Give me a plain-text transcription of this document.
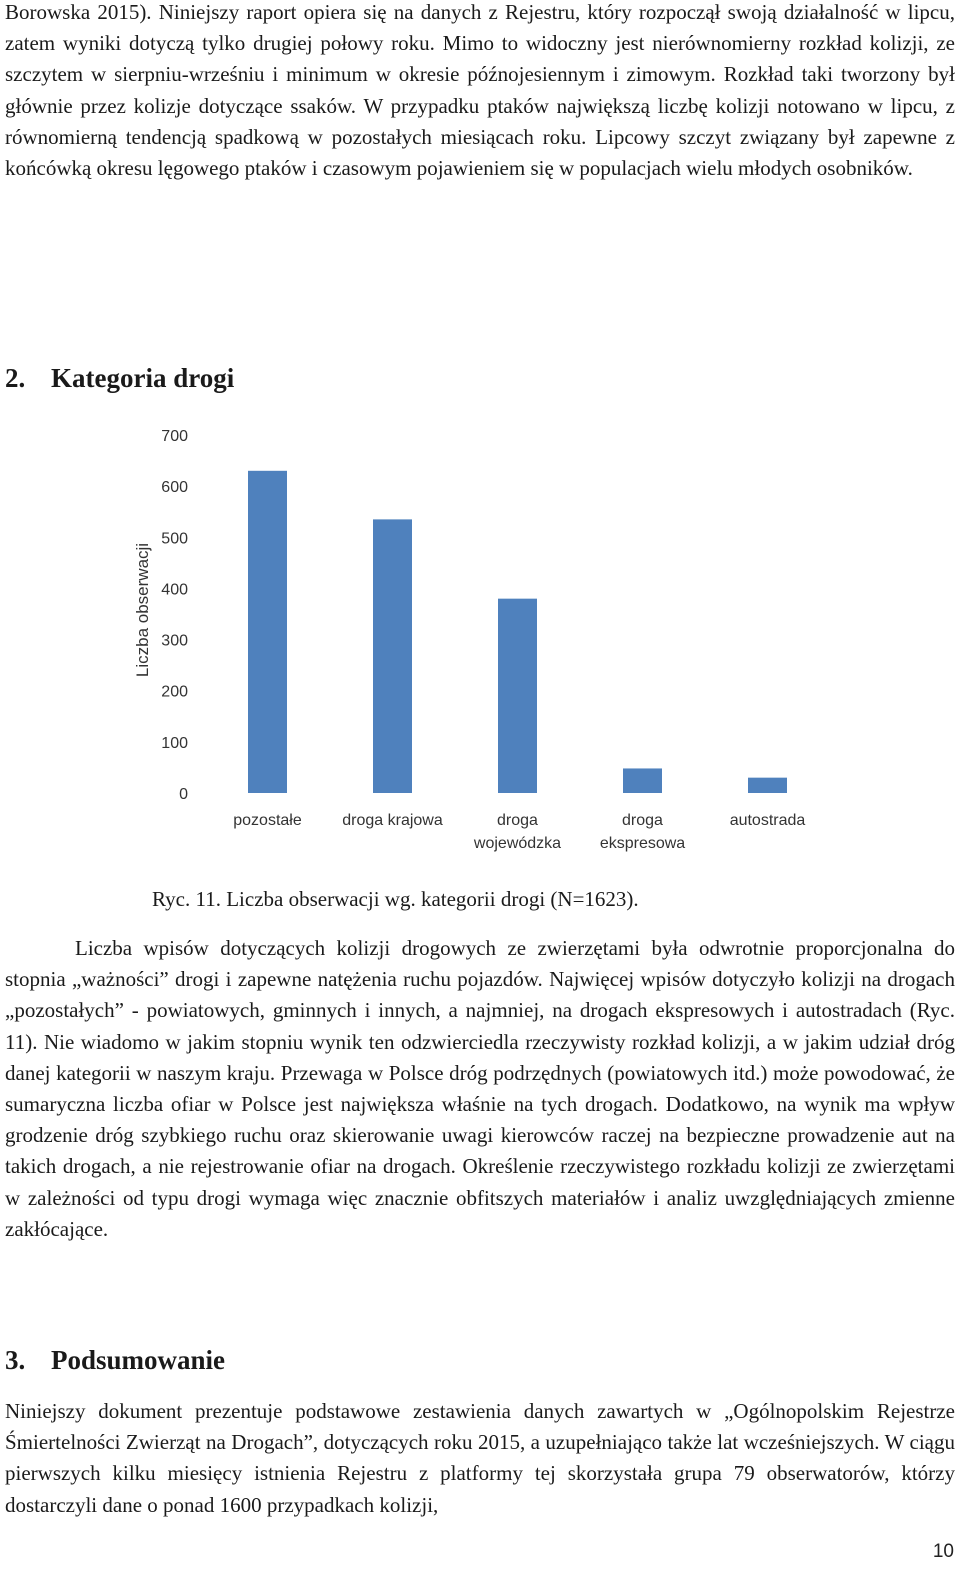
Borowska 2015). Niniejszy raport opiera się na danych z Rejestru, który rozpoczął swoją działalność w lipcu, zatem wyniki dotyczą tylko drugiej połowy roku. Mimo to widoczny jest nierównomierny rozkład kolizji, ze szczytem w sierpniu-wrześniu i minimum w okresie późnojesiennym i zimowym. Rozkład taki tworzony był głównie przez kolizje dotyczące ssaków. W przypadku ptaków największą liczbę kolizji notowano w lipcu, z równomierną tendencją spadkową w pozostałych miesiącach roku. Lipcowy szczyt związany był zapewne z końcówką okresu lęgowego ptaków i czasowym pojawieniem się w populacjach wielu młodych osobników.

2. Kategoria drogi
0
100
200
300
400
500
600
700
pozostałe	droga krajowa	droga
wojewódzka
droga
ekspresowa
autostrada
Liczba obserwacji

Ryc. 11. Liczba obserwacji wg. kategorii drogi (N=1623).

Liczba wpisów dotyczących kolizji drogowych ze zwierzętami była odwrotnie proporcjonalna do stopnia „ważności” drogi i zapewne natężenia ruchu pojazdów. Najwięcej wpisów dotyczyło kolizji na drogach „pozostałych” - powiatowych, gminnych i innych, a najmniej, na drogach ekspresowych i autostradach (Ryc. 11). Nie wiadomo w jakim stopniu wynik ten odzwierciedla rzeczywisty rozkład kolizji, a w jakim udział dróg danej kategorii w naszym kraju. Przewaga w Polsce dróg podrzędnych (powiatowych itd.) może powodować, że sumaryczna liczba ofiar w Polsce jest największa właśnie na tych drogach. Dodatkowo, na wynik ma wpływ grodzenie dróg szybkiego ruchu oraz skierowanie uwagi kierowców raczej na bezpieczne prowadzenie aut na takich drogach, a nie rejestrowanie ofiar na drogach. Określenie rzeczywistego rozkładu kolizji ze zwierzętami w zależności od typu drogi wymaga więc znacznie obfitszych materiałów i analiz uwzględniających zmienne zakłócające.

3. Podsumowanie

Niniejszy dokument prezentuje podstawowe zestawienia danych zawartych w „Ogólnopolskim Rejestrze Śmiertelności Zwierząt na Drogach”, dotyczących roku 2015, a uzupełniająco także lat wcześniejszych. W ciągu pierwszych kilku miesięcy istnienia Rejestru z platformy tej skorzystała grupa 79 obserwatorów, którzy dostarczyli dane o ponad 1600 przypadkach kolizji,

10
